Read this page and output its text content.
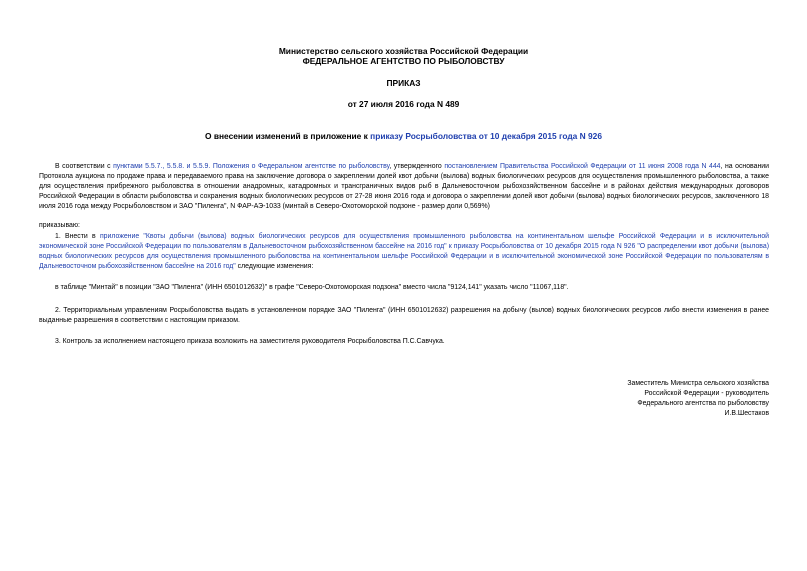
Министерство сельского хозяйства Российской Федерации
ФЕДЕРАЛЬНОЕ АГЕНТСТВО ПО РЫБОЛОВСТВУ
ПРИКАЗ
от 27 июля 2016 года N 489
О внесении изменений в приложение к приказу Росрыболовства от 10 декабря 2015 года N 926
В соответствии с пунктами 5.5.7., 5.5.8. и 5.5.9. Положения о Федеральном агентстве по рыболовству, утвержденного постановлением Правительства Российской Федерации от 11 июня 2008 года N 444, на основании Протокола аукциона по продаже права и передаваемого права на заключение договора о закреплении долей квот добычи (вылова) водных биологических ресурсов для осуществления промышленного рыболовства, а также для осуществления прибрежного рыболовства в отношении анадромных, катадромных и трансграничных видов рыб в Дальневосточном рыбохозяйственном бассейне и в районах действия международных договоров Российской Федерации в области рыболовства и сохранения водных биологических ресурсов от 27-28 июня 2016 года и договора о закреплении долей квот добычи (вылова) водных биологических ресурсов, заключенного 18 июля 2016 года между Росрыболовством и ЗАО "Пиленга", N ФАР-АЭ-1033 (минтай в Северо-Охотоморской подзоне - размер доли 0,569%)
приказываю:
1. Внести в приложение "Квоты добычи (вылова) водных биологических ресурсов для осуществления промышленного рыболовства на континентальном шельфе Российской Федерации и в исключительной экономической зоне Российской Федерации по пользователям в Дальневосточном рыбохозяйственном бассейне на 2016 год" к приказу Росрыболовства от 10 декабря 2015 года N 926 "О распределении квот добычи (вылова) водных биологических ресурсов для осуществления промышленного рыболовства на континентальном шельфе Российской Федерации и в исключительной экономической зоне Российской Федерации по пользователям в Дальневосточном рыбохозяйственном бассейне на 2016 год" следующие изменения:
в таблице "Минтай" в позиции "ЗАО "Пиленга" (ИНН 6501012632)" в графе "Северо-Охотоморская подзона" вместо числа "9124,141" указать число "11067,118".
2. Территориальным управлениям Росрыболовства выдать в установленном порядке ЗАО "Пиленга" (ИНН 6501012632) разрешения на добычу (вылов) водных биологических ресурсов либо внести изменения в ранее выданные разрешения в соответствии с настоящим приказом.
3. Контроль за исполнением настоящего приказа возложить на заместителя руководителя Росрыболовства П.С.Савчука.
Заместитель Министра сельского хозяйства
Российской Федерации - руководитель
Федерального агентства по рыболовству
И.В.Шестаков
